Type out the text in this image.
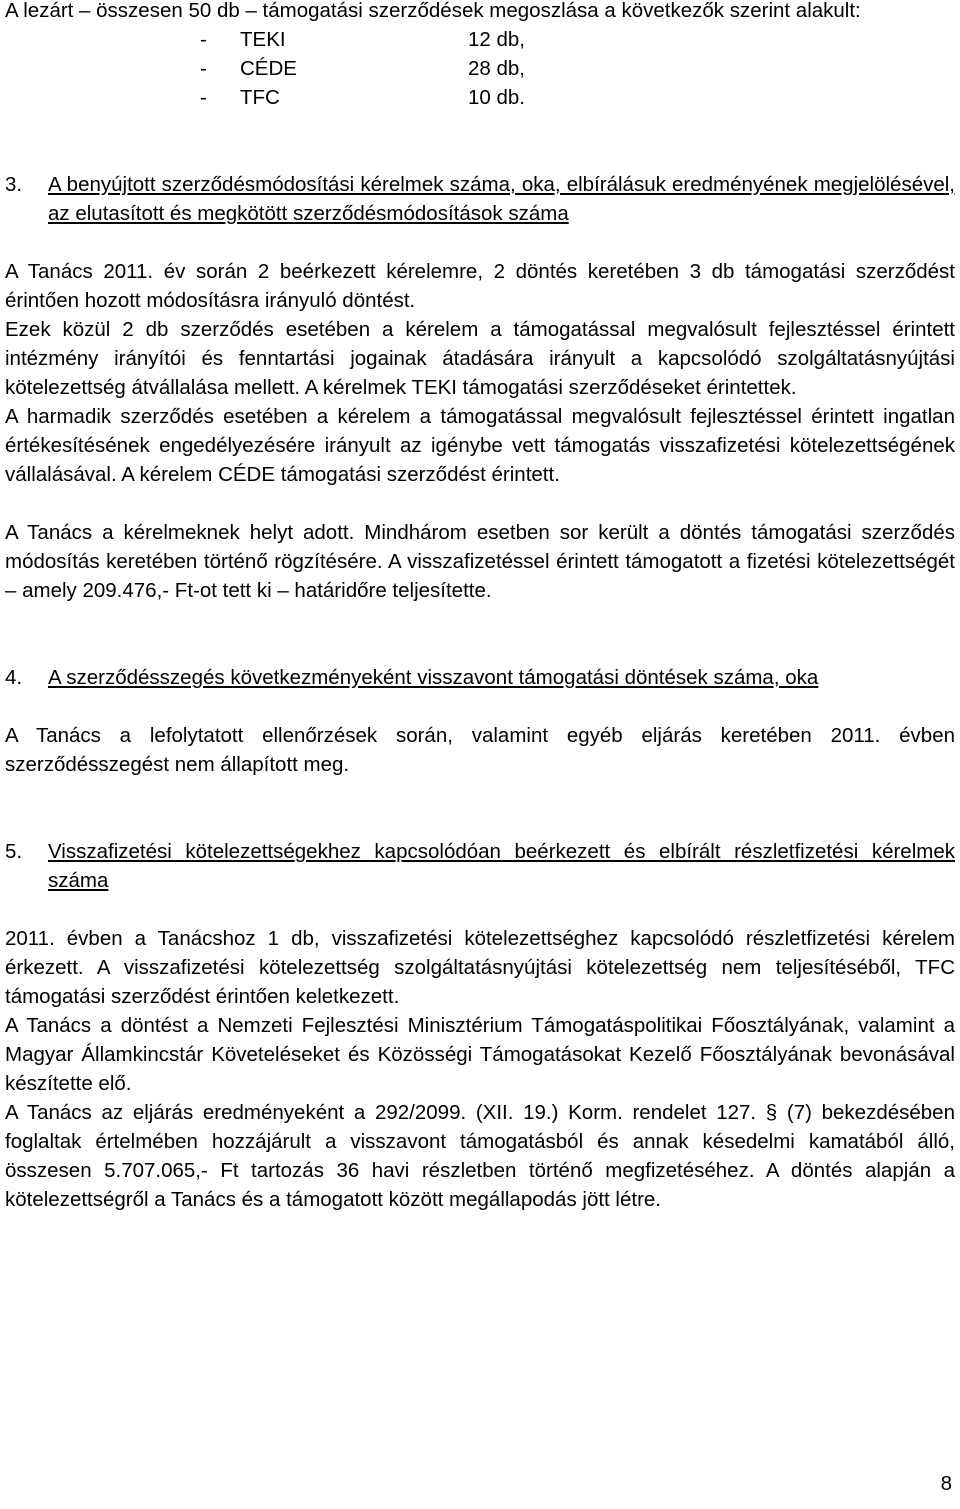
A lezárt – összesen 50 db – támogatási szerződések megoszlása a következők szerint alakult:

-	TEKI	12 db,
-	CÉDE	28 db,
-	TFC	10 db.
3.	A benyújtott szerződésmódosítási kérelmek száma, oka, elbírálásuk eredményének megjelölésével, az elutasított és megkötött szerződésmódosítások száma

A Tanács 2011. év során 2 beérkezett kérelemre, 2 döntés keretében 3 db támogatási szerződést érintően hozott módosításra irányuló döntést.

Ezek közül 2 db szerződés esetében a kérelem a támogatással megvalósult fejlesztéssel érintett intézmény irányítói és fenntartási jogainak átadására irányult a kapcsolódó szolgáltatásnyújtási kötelezettség átvállalása mellett. A kérelmek TEKI támogatási szerződéseket érintettek.

A harmadik szerződés esetében a kérelem a támogatással megvalósult fejlesztéssel érintett ingatlan értékesítésének engedélyezésére irányult az igénybe vett támogatás visszafizetési kötelezettségének vállalásával. A kérelem CÉDE támogatási szerződést érintett.

A Tanács a kérelmeknek helyt adott. Mindhárom esetben sor került a döntés támogatási szerződés módosítás keretében történő rögzítésére. A visszafizetéssel érintett támogatott a fizetési kötelezettségét – amely 209.476,- Ft-ot tett ki – határidőre teljesítette.

4.	A szerződésszegés következményeként visszavont támogatási döntések száma, oka

A Tanács a lefolytatott ellenőrzések során, valamint egyéb eljárás keretében 2011. évben szerződésszegést nem állapított meg.

5.	Visszafizetési kötelezettségekhez kapcsolódóan beérkezett és elbírált részletfizetési kérelmek száma

2011. évben a Tanácshoz 1 db, visszafizetési kötelezettséghez kapcsolódó részletfizetési kérelem érkezett. A visszafizetési kötelezettség szolgáltatásnyújtási kötelezettség nem teljesítéséből, TFC támogatási szerződést érintően keletkezett.

A Tanács a döntést a Nemzeti Fejlesztési Minisztérium Támogatáspolitikai Főosztályának, valamint a Magyar Államkincstár Követeléseket és Közösségi Támogatásokat Kezelő Főosztályának bevonásával készítette elő.

A Tanács az eljárás eredményeként a 292/2099. (XII. 19.) Korm. rendelet 127. § (7) bekezdésében foglaltak értelmében hozzájárult a visszavont támogatásból és annak késedelmi kamatából álló, összesen 5.707.065,- Ft tartozás 36 havi részletben történő megfizetéséhez. A döntés alapján a kötelezettségről a Tanács és a támogatott között megállapodás jött létre.

8
